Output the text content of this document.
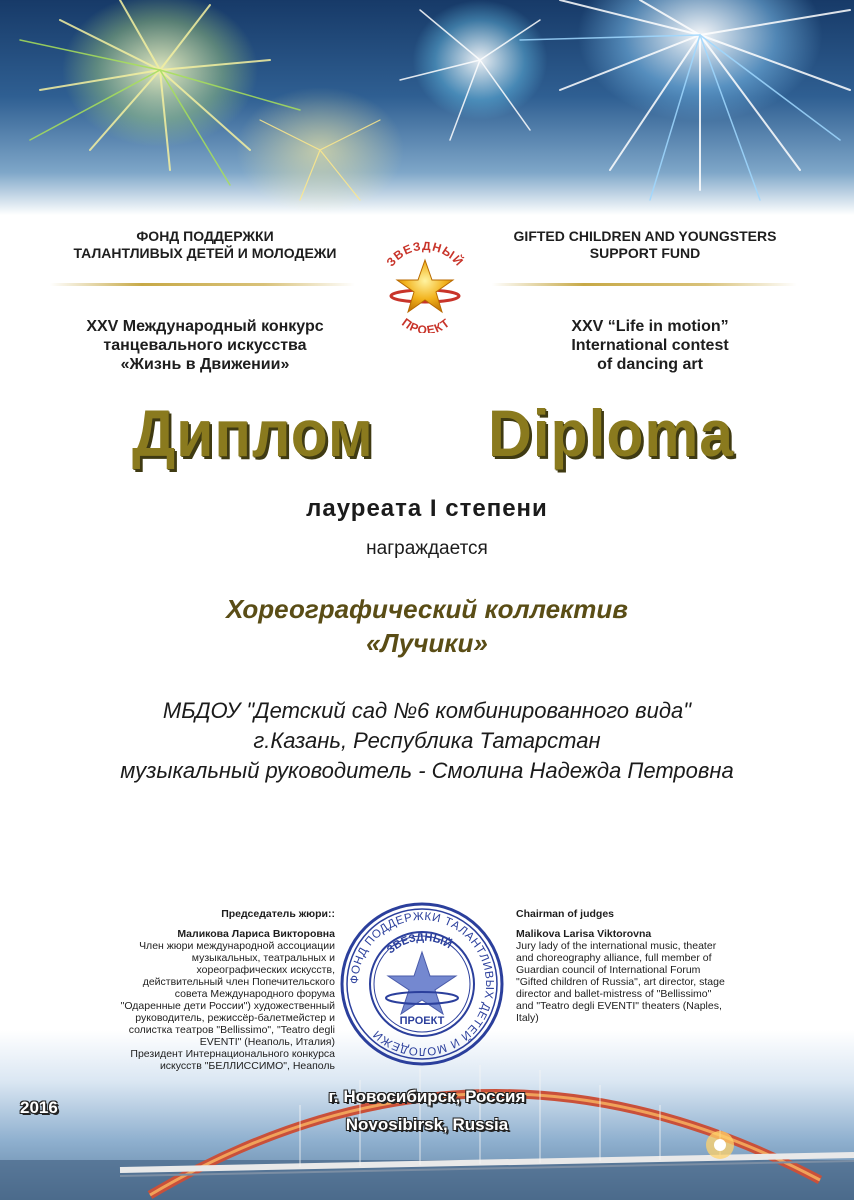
ФОНД ПОДДЕРЖКИ
ТАЛАНТЛИВЫХ ДЕТЕЙ И МОЛОДЕЖИ
GIFTED CHILDREN AND YOUNGSTERS
SUPPORT FUND
ЗВЕЗДНЫЙ
ПРОЕКТ
XXV Международный конкурс
танцевального искусства
«Жизнь в Движении»
XXV “Life in motion”
International contest
of dancing art
Диплом Diploma
лауреата I степени
награждается
Хореографический коллектив
«Лучики»
МБДОУ "Детский сад №6 комбинированного вида"
г.Казань, Республика Татарстан
музыкальный руководитель - Смолина Надежда Петровна
Председатель жюри::
Маликова Лариса Викторовна
Член жюри международной ассоциации
музыкальных, театральных и
хореографических искусств,
действительный член Попечительского
совета Международного форума
"Одаренные дети России") художественный
руководитель, режиссёр-балетмейстер и
солистка театров "Bellissimo", "Teatro degli
EVENTI" (Неаполь, Италия)
Президент Интернационального конкурса
искусств "БЕЛЛИССИМО", Неаполь
ФОНД ПОДДЕРЖКИ ТАЛАНТЛИВЫХ ДЕТЕЙ И МОЛОДЕЖИ
ЗВЕЗДНЫЙ
ПРОЕКТ
Chairman of judges
Malikova Larisa Viktorovna
Jury lady of the international music, theater
and choreography alliance, full member of
Guardian council of International Forum
"Gifted children of Russia", art director, stage
director and ballet-mistress of "Bellissimo"
and "Teatro degli EVENTI" theaters (Naples,
Italy)
2016
г. Новосибирск, Россия
Novosibirsk, Russia
